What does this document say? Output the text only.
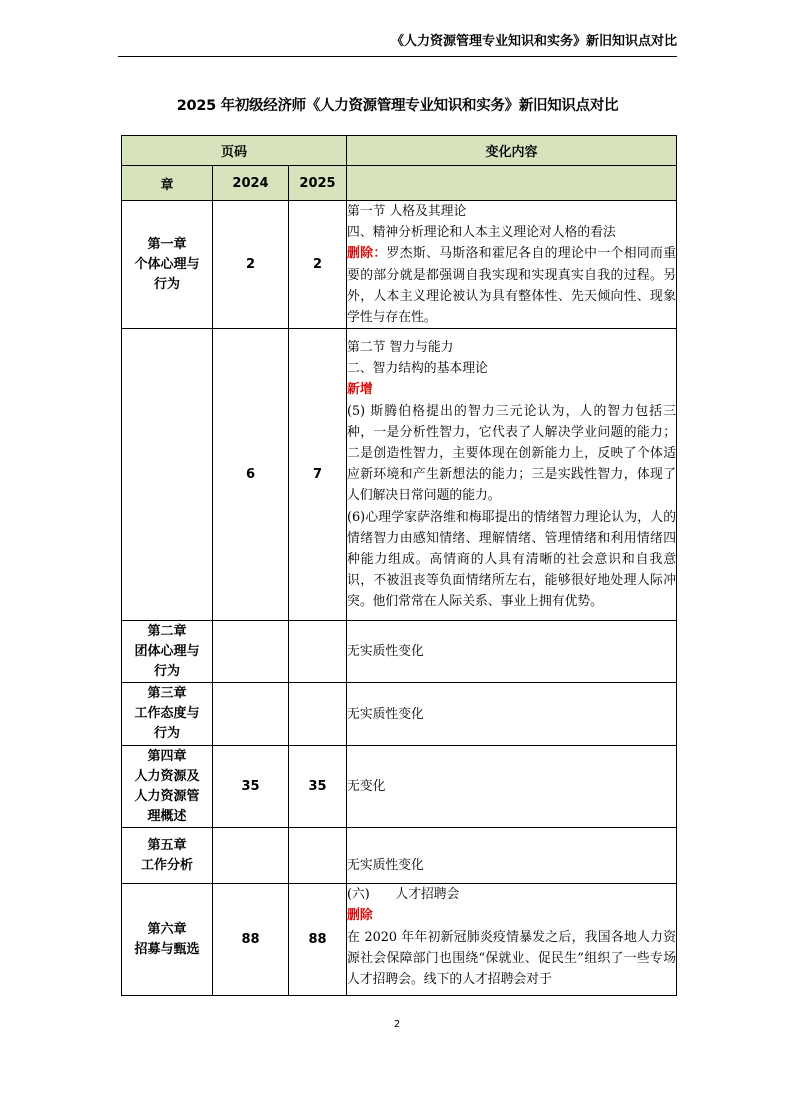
《人力资源管理专业知识和实务》新旧知识点对比
2025 年初级经济师《人力资源管理专业知识和实务》新旧知识点对比
页码			变化内容
章	2024	2025	

第一章
个体心理与
行为	2	2	第一节 人格及其理论
四、精神分析理论和人本主义理论对人格的看法
删除：罗杰斯、马斯洛和霍尼各自的理论中一个相同而重要的部分就是都强调自我实现和实现真实自我的过程。另外，人本主义理论被认为具有整体性、先天倾向性、现象学性与存在性。

	6	7	第二节 智力与能力
二、智力结构的基本理论
新增
(5) 斯腾伯格提出的智力三元论认为，人的智力包括三种，一是分析性智力，它代表了人解决学业问题的能力；二是创造性智力，主要体现在创新能力上，反映了个体适应新环境和产生新想法的能力；三是实践性智力，体现了人们解决日常问题的能力。
(6)心理学家萨洛维和梅耶提出的情绪智力理论认为，人的情绪智力由感知情绪、理解情绪、管理情绪和利用情绪四种能力组成。高情商的人具有清晰的社会意识和自我意识，不被沮丧等负面情绪所左右，能够很好地处理人际冲突。他们常常在人际关系、事业上拥有优势。

第二章
团体心理与
行为			无实质性变化

第三章
工作态度与
行为			无实质性变化

第四章
人力资源及
人力资源管
理概述	35	35	无变化

第五章
工作分析			无实质性变化

第六章
招募与甄选	88	88	(六)　　人才招聘会
删除
在 2020 年年初新冠肺炎疫情暴发之后，我国各地人力资源社会保障部门也围绕“保就业、促民生”组织了一些专场人才招聘会。线下的人才招聘会对于
2
